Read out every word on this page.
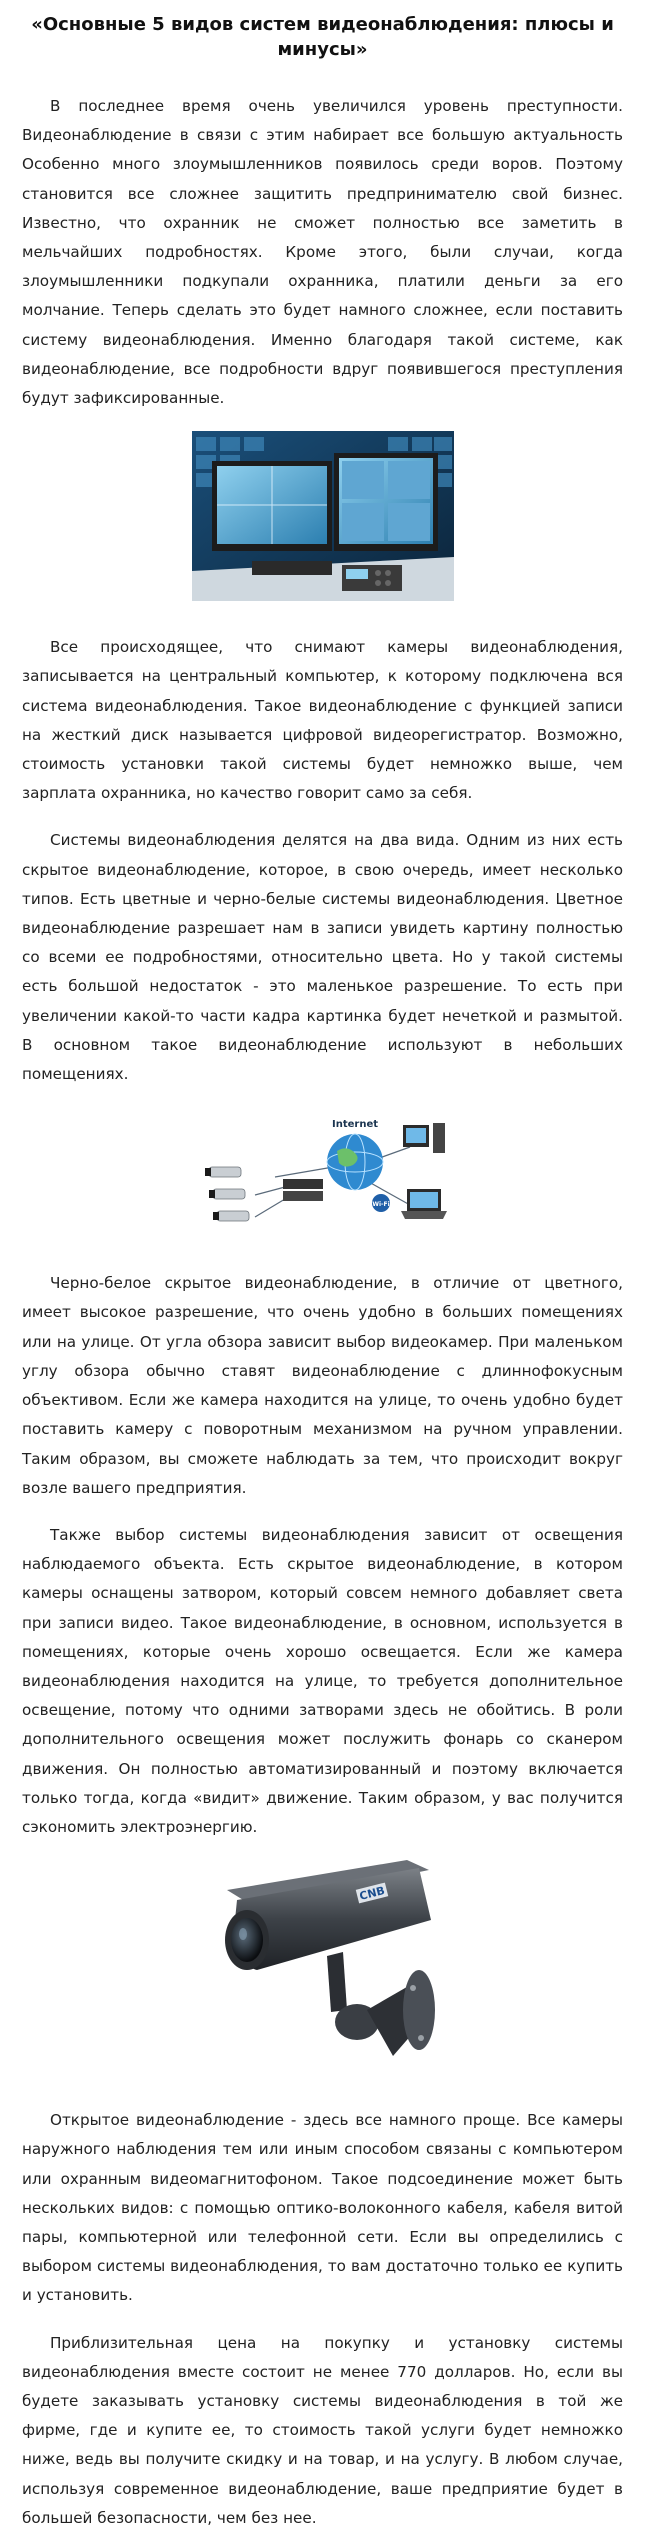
«Основные 5 видов систем видеонаблюдения: плюсы и минусы»

В последнее время очень увеличился уровень преступности. Видеонаблюдение в связи с этим набирает все большую актуальность Особенно много злоумышленников появилось среди воров. Поэтому становится все сложнее защитить предпринимателю свой бизнес. Известно, что охранник не сможет полностью все заметить в мельчайших подробностях. Кроме этого, были случаи, когда злоумышленники подкупали охранника, платили деньги за его молчание. Теперь сделать это будет намного сложнее, если поставить систему видеонаблюдения. Именно благодаря такой системе, как видеонаблюдение, все подробности вдруг появившегося преступления будут зафиксированные.

Все происходящее, что снимают камеры видеонаблюдения, записывается на центральный компьютер, к которому подключена вся система видеонаблюдения. Такое видеонаблюдение с функцией записи на жесткий диск называется цифровой видеорегистратор. Возможно, стоимость установки такой системы будет немножко выше, чем зарплата охранника, но качество говорит само за себя.

Системы видеонаблюдения делятся на два вида. Одним из них есть скрытое видеонаблюдение, которое, в свою очередь, имеет несколько типов. Есть цветные и черно-белые системы видеонаблюдения. Цветное видеонаблюдение разрешает нам в записи увидеть картину полностью со всеми ее подробностями, относительно цвета. Но у такой системы есть большой недостаток - это маленькое разрешение. То есть при увеличении какой-то части кадра картинка будет нечеткой и размытой. В основном такое видеонаблюдение используют в небольших помещениях.

Internet
Wi-Fi

Черно-белое скрытое видеонаблюдение, в отличие от цветного, имеет высокое разрешение, что очень удобно в больших помещениях или на улице. От угла обзора зависит выбор видеокамер. При маленьком углу обзора обычно ставят видеонаблюдение с длиннофокусным объективом. Если же камера находится на улице, то очень удобно будет поставить камеру с поворотным механизмом на ручном управлении. Таким образом, вы сможете наблюдать за тем, что происходит вокруг возле вашего предприятия.

Также выбор системы видеонаблюдения зависит от освещения наблюдаемого объекта. Есть скрытое видеонаблюдение, в котором камеры оснащены затвором, который совсем немного добавляет света при записи видео. Такое видеонаблюдение, в основном, используется в помещениях, которые очень хорошо освещается. Если же камера видеонаблюдения находится на улице, то требуется дополнительное освещение, потому что одними затворами здесь не обойтись. В роли дополнительного освещения может послужить фонарь со сканером движения. Он полностью автоматизированный и поэтому включается только тогда, когда «видит» движение. Таким образом, у вас получится сэкономить электроэнергию.

CNB

Открытое видеонаблюдение - здесь все намного проще. Все камеры наружного наблюдения тем или иным способом связаны с компьютером или охранным видеомагнитофоном. Такое подсоединение может быть нескольких видов: с помощью оптико-волоконного кабеля, кабеля витой пары, компьютерной или телефонной сети. Если вы определились с выбором системы видеонаблюдения, то вам достаточно только ее купить и установить.

Приблизительная цена на покупку и установку системы видеонаблюдения вместе состоит не менее 770 долларов. Но, если вы будете заказывать установку системы видеонаблюдения в той же фирме, где и купите ее, то стоимость такой услуги будет немножко ниже, ведь вы получите скидку и на товар, и на услугу. В любом случае, используя современное видеонаблюдение, ваше предприятие будет в большей безопасности, чем без нее.
